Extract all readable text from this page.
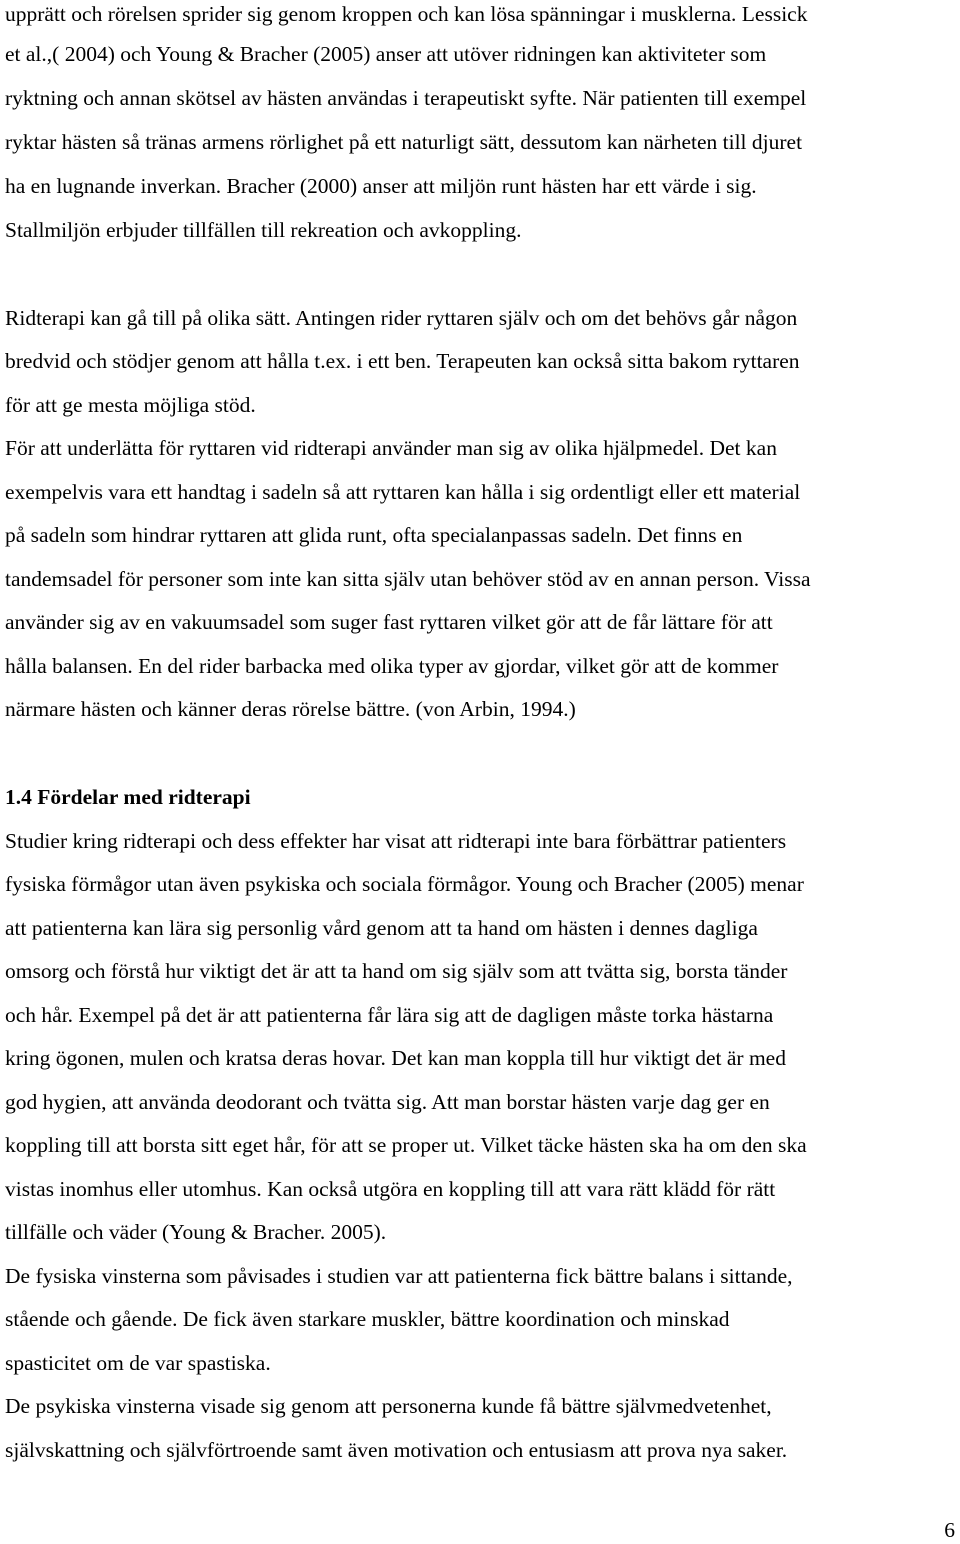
upprätt och rörelsen sprider sig genom kroppen och kan lösa spänningar i musklerna. Lessick
et al.,( 2004) och Young & Bracher (2005) anser att utöver ridningen kan aktiviteter som
ryktning och annan skötsel av hästen användas i terapeutiskt syfte. När patienten till exempel
ryktar hästen så tränas armens rörlighet på ett naturligt sätt, dessutom kan närheten till djuret
ha en lugnande inverkan. Bracher (2000) anser att miljön runt hästen har ett värde i sig.
Stallmiljön erbjuder tillfällen till rekreation och avkoppling.
Ridterapi kan gå till på olika sätt. Antingen rider ryttaren själv och om det behövs går någon
bredvid och stödjer genom att hålla t.ex. i ett ben. Terapeuten kan också sitta bakom ryttaren
för att ge mesta möjliga stöd.
För att underlätta för ryttaren vid ridterapi använder man sig av olika hjälpmedel. Det kan
exempelvis vara ett handtag i sadeln så att ryttaren kan hålla i sig ordentligt eller ett material
på sadeln som hindrar ryttaren att glida runt, ofta specialanpassas sadeln. Det finns en
tandemsadel för personer som inte kan sitta själv utan behöver stöd av en annan person. Vissa
använder sig av en vakuumsadel som suger fast ryttaren vilket gör att de får lättare för att
hålla balansen. En del rider barbacka med olika typer av gjordar, vilket gör att de kommer
närmare hästen och känner deras rörelse bättre. (von Arbin, 1994.)
1.4 Fördelar med ridterapi
Studier kring ridterapi och dess effekter har visat att ridterapi inte bara förbättrar patienters
fysiska förmågor utan även psykiska och sociala förmågor. Young och Bracher (2005) menar
att patienterna kan lära sig personlig vård genom att ta hand om hästen i dennes dagliga
omsorg och förstå hur viktigt det är att ta hand om sig själv som att tvätta sig, borsta tänder
och hår. Exempel på det är att patienterna får lära sig att de dagligen måste torka hästarna
kring ögonen, mulen och kratsa deras hovar. Det kan man koppla till hur viktigt det är med
god hygien, att använda deodorant och tvätta sig. Att man borstar hästen varje dag ger en
koppling till att borsta sitt eget hår, för att se proper ut. Vilket täcke hästen ska ha om den ska
vistas inomhus eller utomhus. Kan också utgöra en koppling till att vara rätt klädd för rätt
tillfälle och väder (Young & Bracher. 2005).
De fysiska vinsterna som påvisades i studien var att patienterna fick bättre balans i sittande,
stående och gående. De fick även starkare muskler, bättre koordination och minskad
spasticitet om de var spastiska.
De psykiska vinsterna visade sig genom att personerna kunde få bättre självmedvetenhet,
självskattning och självförtroende samt även motivation och entusiasm att prova nya saker.
6
